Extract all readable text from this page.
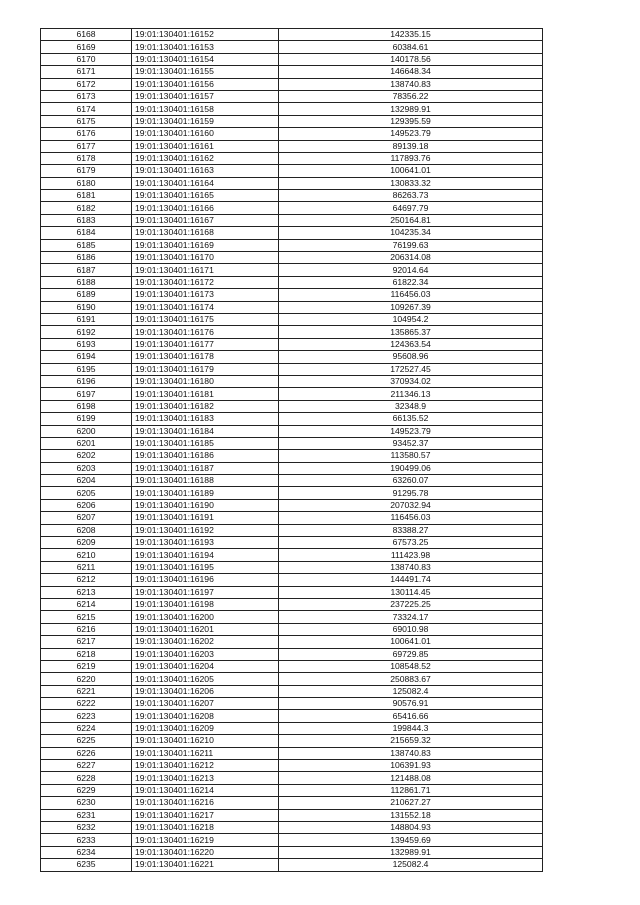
6168	19:01:130401:16152	142335.15
6169	19:01:130401:16153	60384.61
6170	19:01:130401:16154	140178.56
6171	19:01:130401:16155	146648.34
6172	19:01:130401:16156	138740.83
6173	19:01:130401:16157	78356.22
6174	19:01:130401:16158	132989.91
6175	19:01:130401:16159	129395.59
6176	19:01:130401:16160	149523.79
6177	19:01:130401:16161	89139.18
6178	19:01:130401:16162	117893.76
6179	19:01:130401:16163	100641.01
6180	19:01:130401:16164	130833.32
6181	19:01:130401:16165	86263.73
6182	19:01:130401:16166	64697.79
6183	19:01:130401:16167	250164.81
6184	19:01:130401:16168	104235.34
6185	19:01:130401:16169	76199.63
6186	19:01:130401:16170	206314.08
6187	19:01:130401:16171	92014.64
6188	19:01:130401:16172	61822.34
6189	19:01:130401:16173	116456.03
6190	19:01:130401:16174	109267.39
6191	19:01:130401:16175	104954.2
6192	19:01:130401:16176	135865.37
6193	19:01:130401:16177	124363.54
6194	19:01:130401:16178	95608.96
6195	19:01:130401:16179	172527.45
6196	19:01:130401:16180	370934.02
6197	19:01:130401:16181	211346.13
6198	19:01:130401:16182	32348.9
6199	19:01:130401:16183	66135.52
6200	19:01:130401:16184	149523.79
6201	19:01:130401:16185	93452.37
6202	19:01:130401:16186	113580.57
6203	19:01:130401:16187	190499.06
6204	19:01:130401:16188	63260.07
6205	19:01:130401:16189	91295.78
6206	19:01:130401:16190	207032.94
6207	19:01:130401:16191	116456.03
6208	19:01:130401:16192	83388.27
6209	19:01:130401:16193	67573.25
6210	19:01:130401:16194	111423.98
6211	19:01:130401:16195	138740.83
6212	19:01:130401:16196	144491.74
6213	19:01:130401:16197	130114.45
6214	19:01:130401:16198	237225.25
6215	19:01:130401:16200	73324.17
6216	19:01:130401:16201	69010.98
6217	19:01:130401:16202	100641.01
6218	19:01:130401:16203	69729.85
6219	19:01:130401:16204	108548.52
6220	19:01:130401:16205	250883.67
6221	19:01:130401:16206	125082.4
6222	19:01:130401:16207	90576.91
6223	19:01:130401:16208	65416.66
6224	19:01:130401:16209	199844.3
6225	19:01:130401:16210	215659.32
6226	19:01:130401:16211	138740.83
6227	19:01:130401:16212	106391.93
6228	19:01:130401:16213	121488.08
6229	19:01:130401:16214	112861.71
6230	19:01:130401:16216	210627.27
6231	19:01:130401:16217	131552.18
6232	19:01:130401:16218	148804.93
6233	19:01:130401:16219	139459.69
6234	19:01:130401:16220	132989.91
6235	19:01:130401:16221	125082.4
